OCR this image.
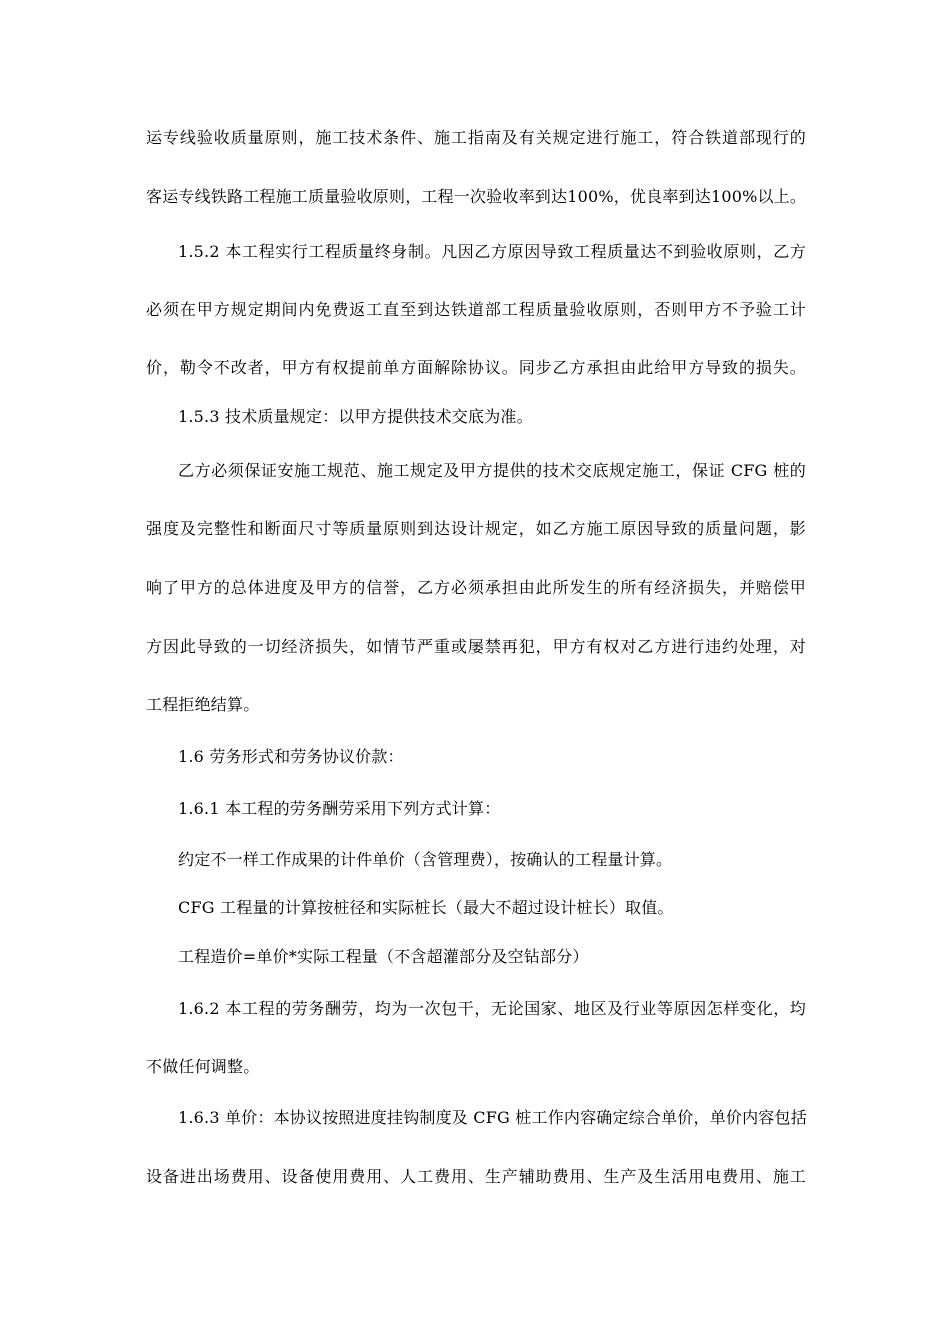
运专线验收质量原则，施工技术条件、施工指南及有关规定进行施工，符合铁道部现行的
客运专线铁路工程施工质量验收原则，工程一次验收率到达100%，优良率到达100%以上。
1.5.2 本工程实行工程质量终身制。凡因乙方原因导致工程质量达不到验收原则，乙方
必须在甲方规定期间内免费返工直至到达铁道部工程质量验收原则，否则甲方不予验工计
价，勒令不改者，甲方有权提前单方面解除协议。同步乙方承担由此给甲方导致的损失。
1.5.3 技术质量规定：以甲方提供技术交底为准。
乙方必须保证安施工规范、施工规定及甲方提供的技术交底规定施工，保证 CFG 桩的
强度及完整性和断面尺寸等质量原则到达设计规定，如乙方施工原因导致的质量问题，影
响了甲方的总体进度及甲方的信誉，乙方必须承担由此所发生的所有经济损失，并赔偿甲
方因此导致的一切经济损失，如情节严重或屡禁再犯，甲方有权对乙方进行违约处理，对
工程拒绝结算。
1.6 劳务形式和劳务协议价款：
1.6.1 本工程的劳务酬劳采用下列方式计算：
约定不一样工作成果的计件单价（含管理费），按确认的工程量计算。
CFG 工程量的计算按桩径和实际桩长（最大不超过设计桩长）取值。
工程造价=单价*实际工程量（不含超灌部分及空钻部分）
1.6.2 本工程的劳务酬劳，均为一次包干，无论国家、地区及行业等原因怎样变化，均
不做任何调整。
1.6.3 单价：本协议按照进度挂钩制度及 CFG 桩工作内容确定综合单价，单价内容包括
设备进出场费用、设备使用费用、人工费用、生产辅助费用、生产及生活用电费用、施工
